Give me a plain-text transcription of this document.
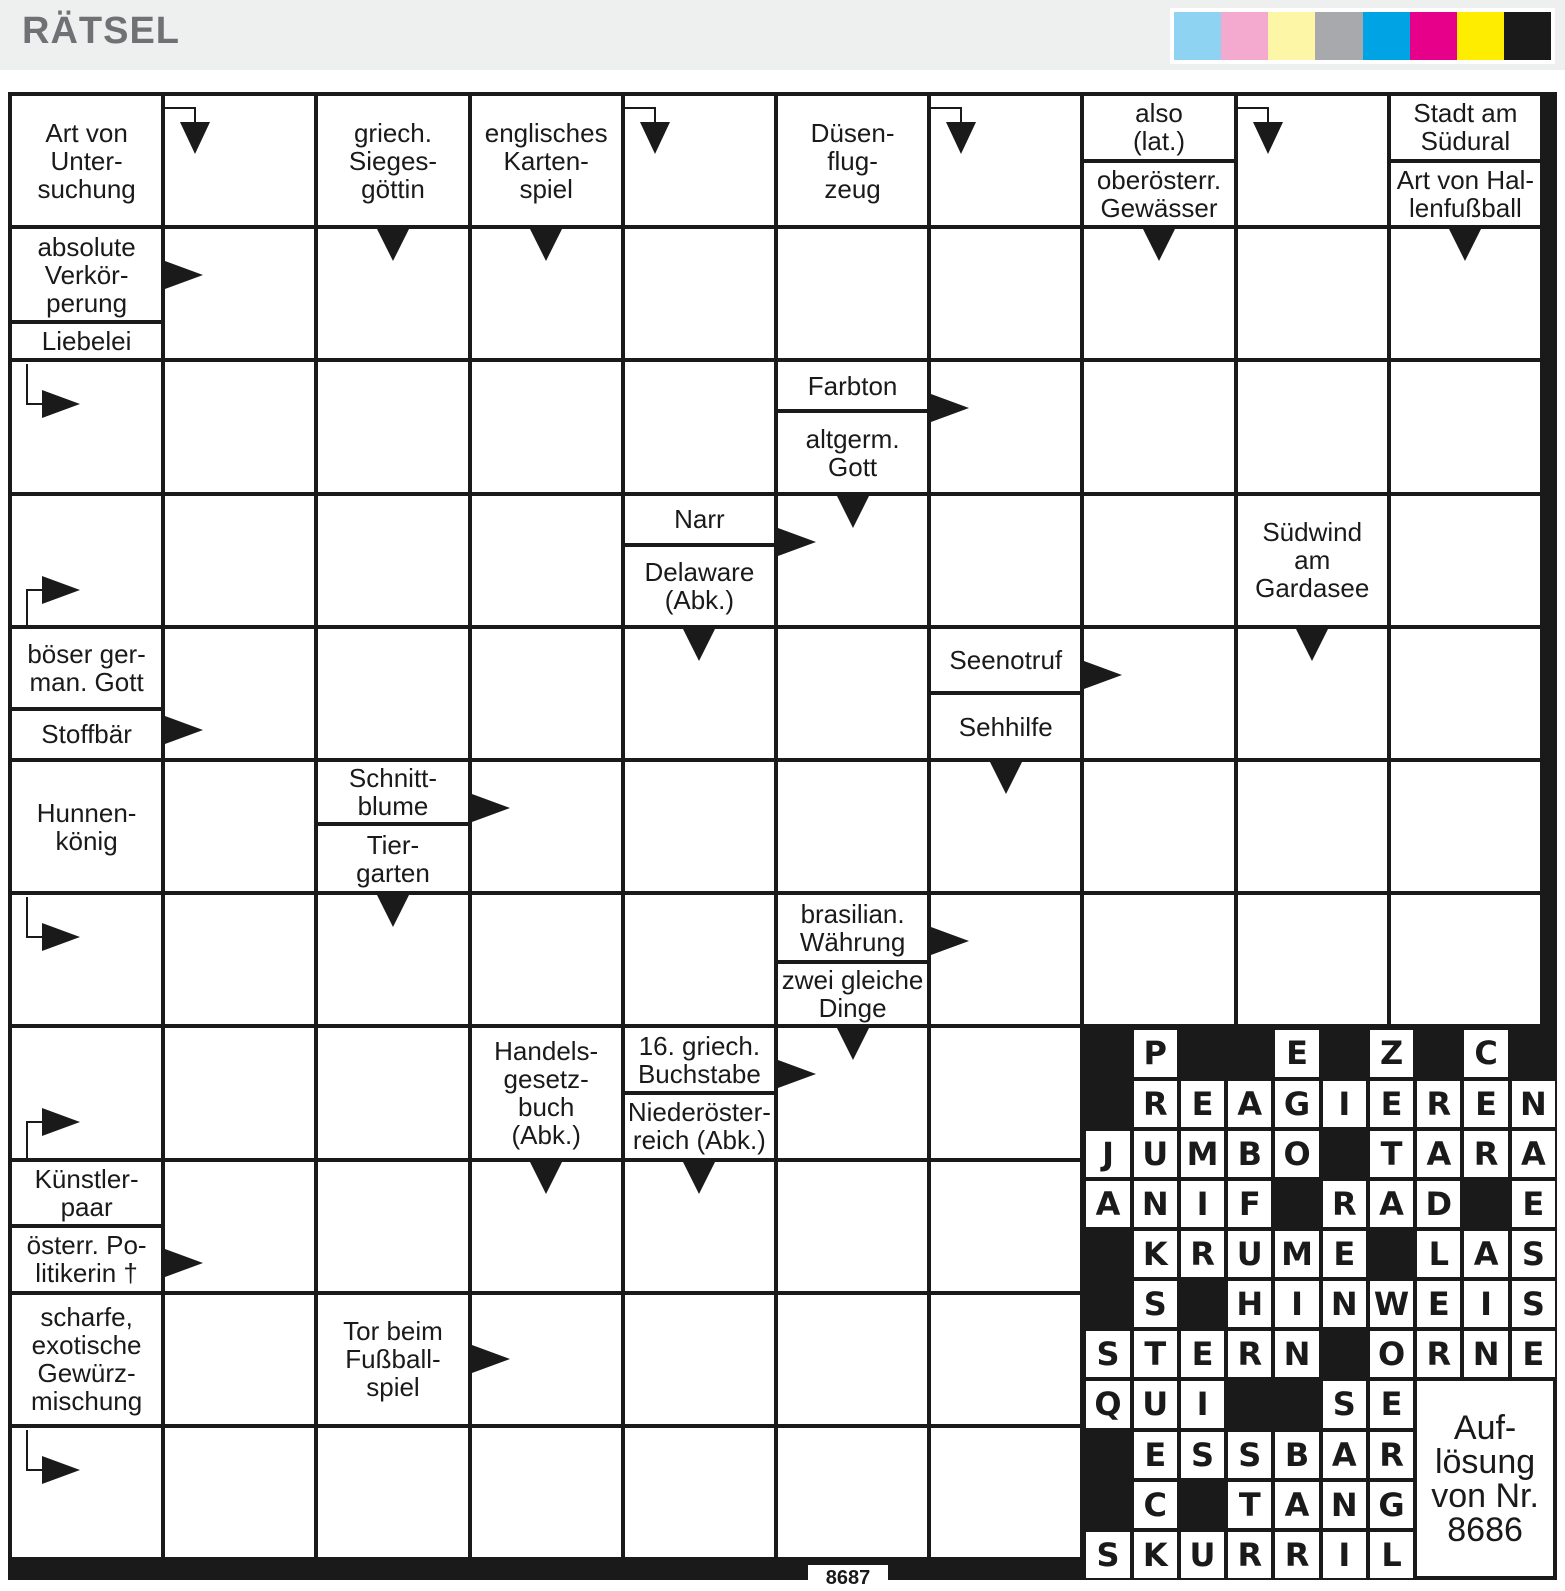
RÄTSEL
Art von
Unter-
suchung
griech.
Sieges-
göttin
englisches
Karten-
spiel
Düsen-
flug-
zeug
also
(lat.)
oberösterr.
Gewässer
Stadt am
Südural
Art von Hal-
lenfußball
absolute
Verkör-
perung
Liebelei
Farbton
altgerm.
Gott
Narr
Delaware
(Abk.)
Südwind
am
Gardasee
böser ger-
man. Gott
Stoffbär
Seenotruf
Sehhilfe
Hunnen-
könig
Schnitt-
blume
Tier-
garten
brasilian.
Währung
zwei gleiche
Dinge
Handels-
gesetz-
buch
(Abk.)
16. griech.
Buchstabe
Niederöster-
reich (Abk.)
Künstler-
paar
österr. Po-
litikerin †
scharfe,
exotische
Gewürz-
mischung
Tor beim
Fußball-
spiel
P	E	Z	C
R E A G I E R E N
J U M B O	T A R A
A N I F	R A D	E
K R U M E	L A S
S	H I N W E I S
S T E R N O R N E
Q U I	S E
E S S B A R
C	T A N G
S K U R R I L
Auf-
lösung
von Nr.
8686
8687
